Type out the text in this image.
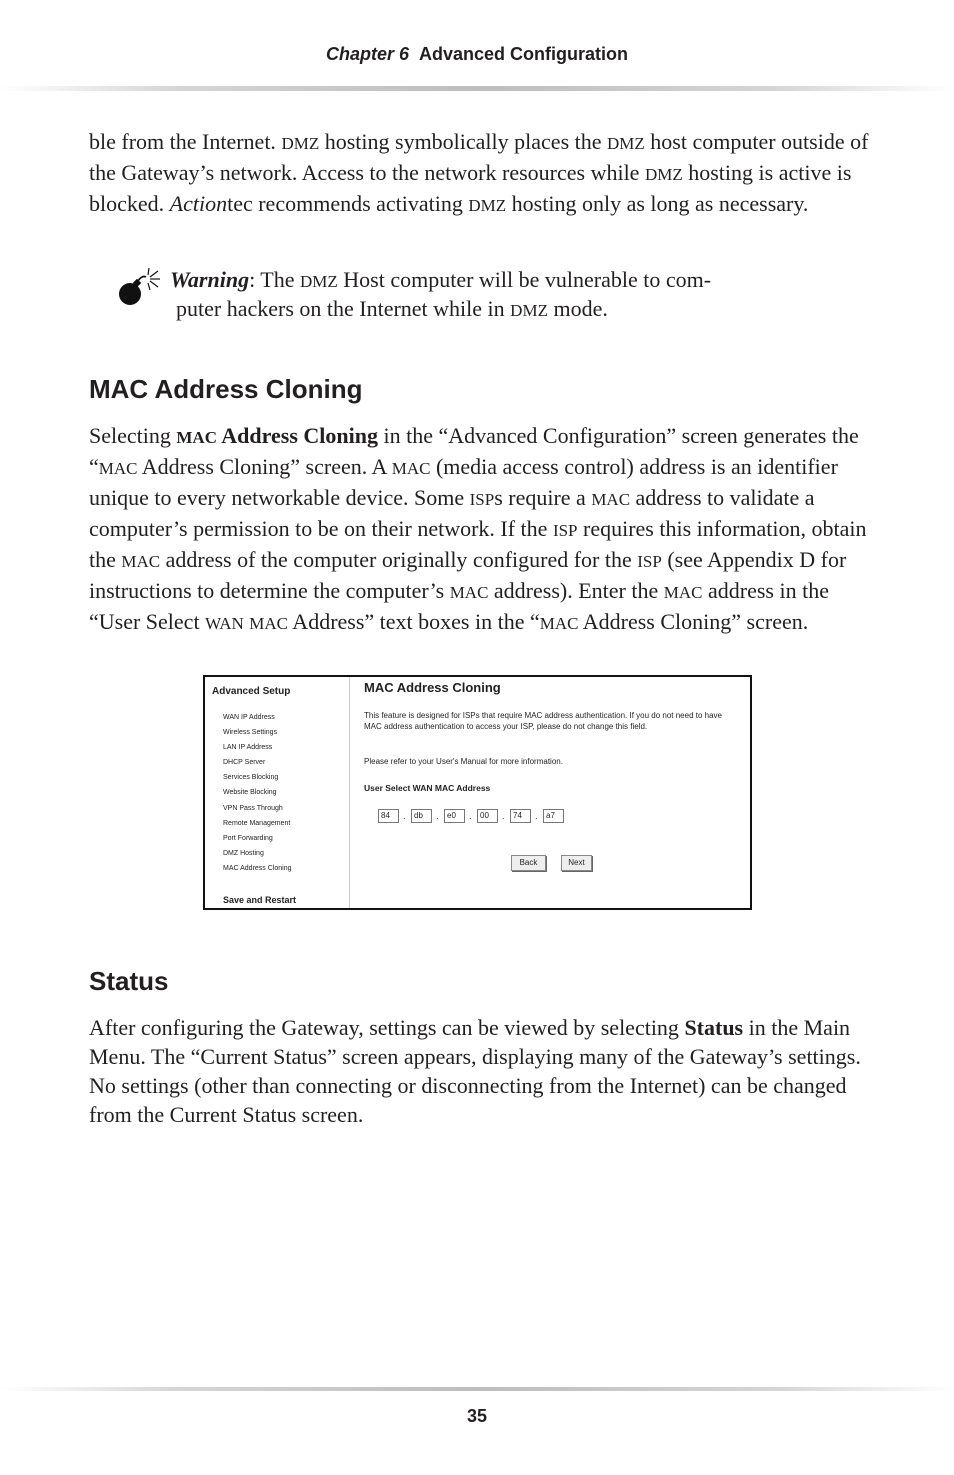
Chapter 6 Advanced Configuration

ble from the Internet. DMZ hosting symbolically places the DMZ host computer outside of the Gateway’s network. Access to the network resources while DMZ hosting is active is blocked. Actiontec recommends activating DMZ hosting only as long as necessary.

Warning: The DMZ Host computer will be vulnerable to com-
puter hackers on the Internet while in DMZ mode.
MAC Address Cloning

Selecting MAC Address Cloning in the “Advanced Configuration” screen generates the “MAC Address Cloning” screen. A MAC (media access control) address is an identifier unique to every networkable device. Some ISPs require a MAC address to validate a computer’s permission to be on their network. If the ISP requires this information, obtain the MAC address of the computer originally configured for the ISP (see Appendix D for instructions to determine the computer’s MAC address). Enter the MAC address in the “User Select WAN MAC Address” text boxes in the “MAC Address Cloning” screen.

Advanced Setup
WAN IP Address
Wireless Settings
LAN IP Address
DHCP Server
Services Blocking
Website Blocking
VPN Pass Through
Remote Management
Port Forwarding
DMZ Hosting
MAC Address Cloning
Save and Restart
MAC Address Cloning
This feature is designed for ISPs that require MAC address authentication. If you do not need to have MAC address authentication to access your ISP, please do not change this field.
Please refer to your User's Manual for more information.
User Select WAN MAC Address
84	.	db	.	e0	.	00	.	74	.	a7
Back	Next
Status

After configuring the Gateway, settings can be viewed by selecting Status in the Main Menu. The “Current Status” screen appears, displaying many of the Gateway’s settings. No settings (other than connecting or disconnecting from the Internet) can be changed from the Current Status screen.

35
